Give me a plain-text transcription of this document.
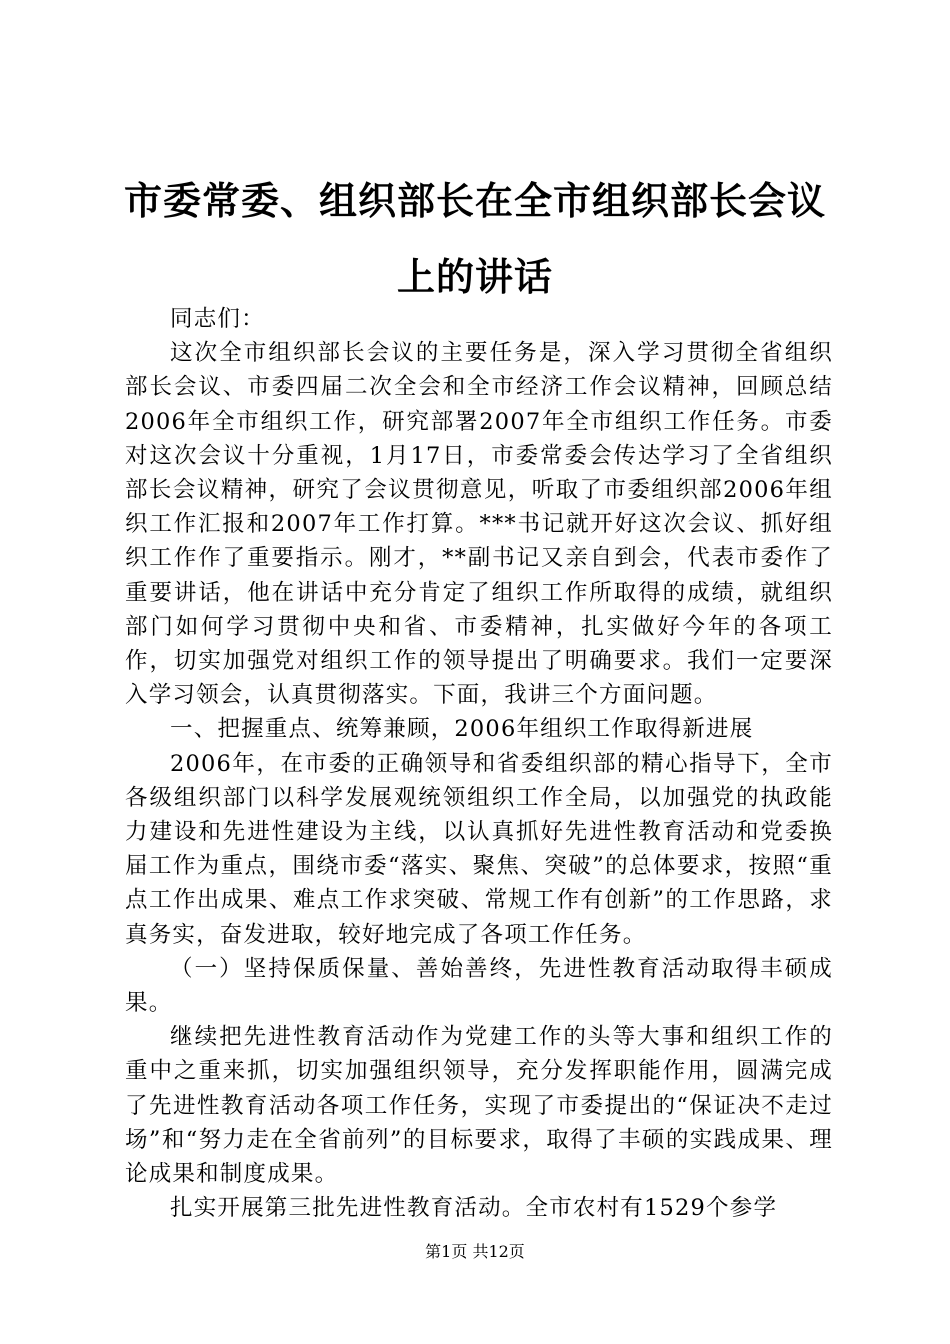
市委常委、组织部长在全市组织部长会议上的讲话

同志们：

这次全市组织部长会议的主要任务是，深入学习贯彻全省组织部长会议、市委四届二次全会和全市经济工作会议精神，回顾总结2006年全市组织工作，研究部署2007年全市组织工作任务。市委对这次会议十分重视，1月17日，市委常委会传达学习了全省组织部长会议精神，研究了会议贯彻意见，听取了市委组织部2006年组织工作汇报和2007年工作打算。***书记就开好这次会议、抓好组织工作作了重要指示。刚才，**副书记又亲自到会，代表市委作了重要讲话，他在讲话中充分肯定了组织工作所取得的成绩，就组织部门如何学习贯彻中央和省、市委精神，扎实做好今年的各项工作，切实加强党对组织工作的领导提出了明确要求。我们一定要深入学习领会，认真贯彻落实。下面，我讲三个方面问题。

一、把握重点、统筹兼顾，2006年组织工作取得新进展

2006年，在市委的正确领导和省委组织部的精心指导下，全市各级组织部门以科学发展观统领组织工作全局，以加强党的执政能力建设和先进性建设为主线，以认真抓好先进性教育活动和党委换届工作为重点，围绕市委“落实、聚焦、突破”的总体要求，按照“重点工作出成果、难点工作求突破、常规工作有创新”的工作思路，求真务实，奋发进取，较好地完成了各项工作任务。

（一）坚持保质保量、善始善终，先进性教育活动取得丰硕成果。

继续把先进性教育活动作为党建工作的头等大事和组织工作的重中之重来抓，切实加强组织领导，充分发挥职能作用，圆满完成了先进性教育活动各项工作任务，实现了市委提出的“保证决不走过场”和“努力走在全省前列”的目标要求，取得了丰硕的实践成果、理论成果和制度成果。

扎实开展第三批先进性教育活动。全市农村有1529个参学

第1页 共12页
